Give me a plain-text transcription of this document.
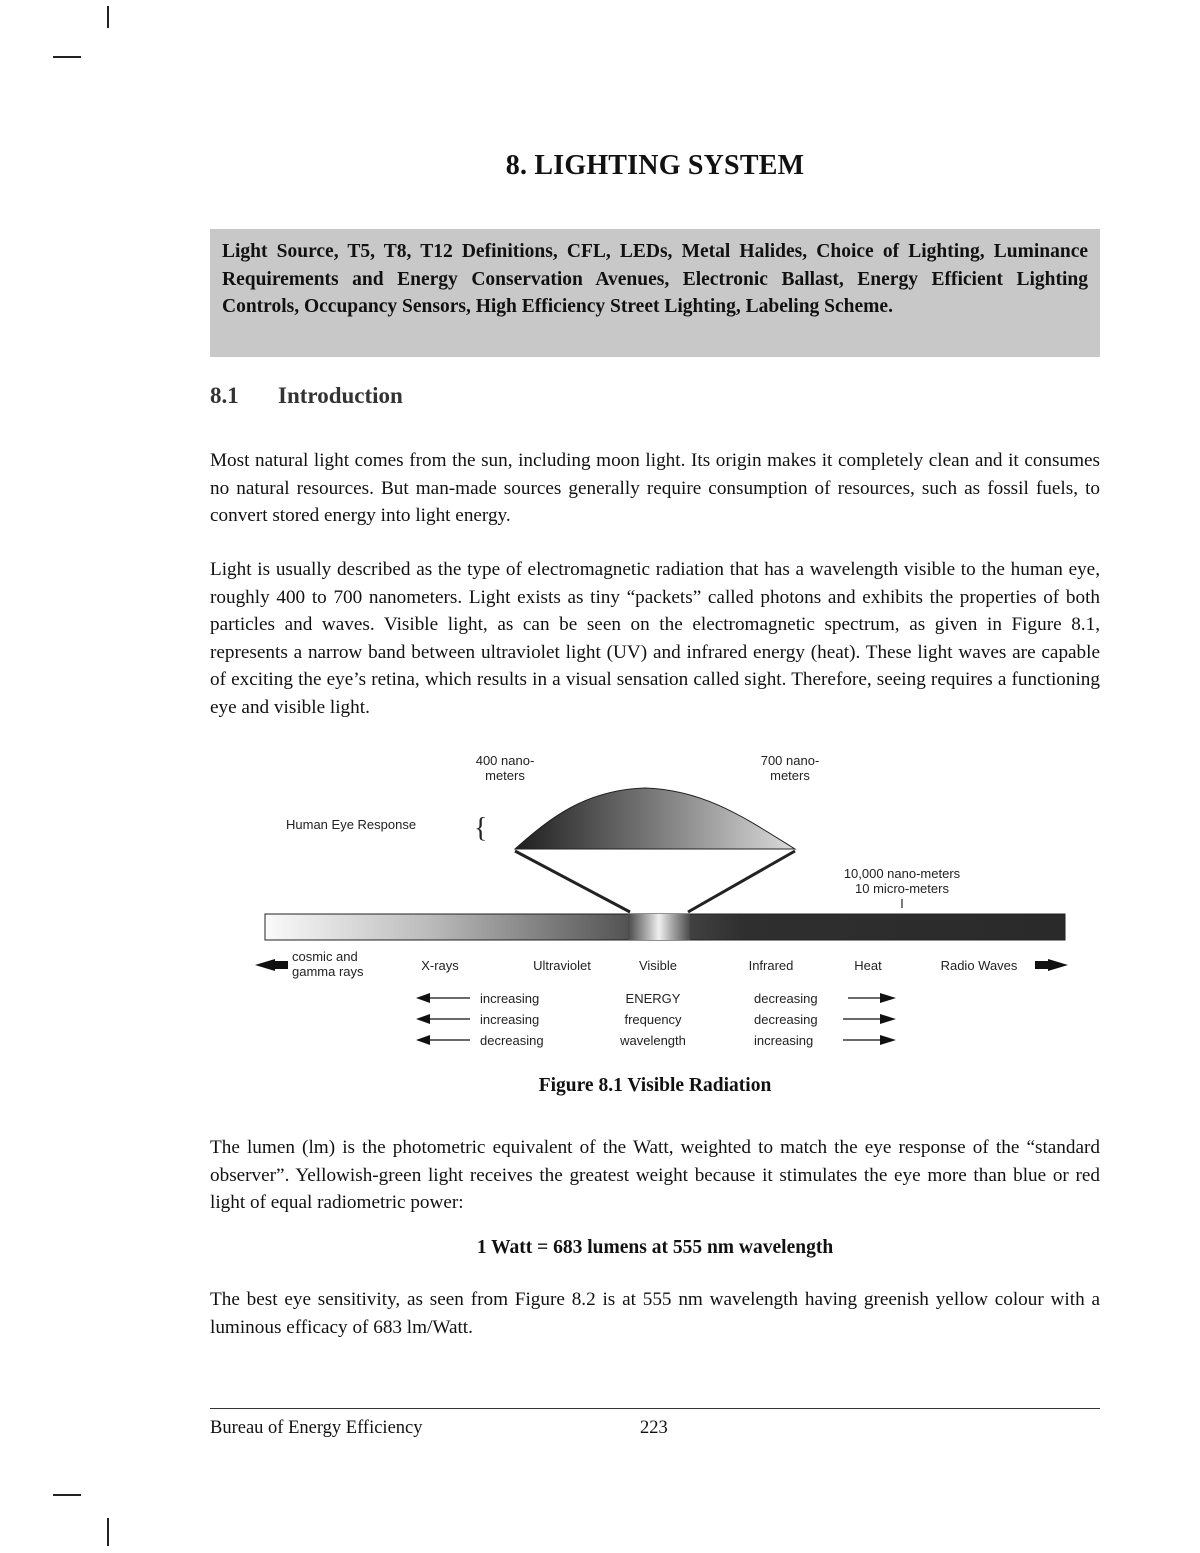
8. LIGHTING SYSTEM
Light Source, T5, T8, T12 Definitions, CFL, LEDs, Metal Halides, Choice of Lighting, Luminance Requirements and Energy Conservation Avenues, Electronic Ballast, Energy Efficient Lighting Controls, Occupancy Sensors, High Efficiency Street Lighting, Labeling Scheme.
8.1 Introduction

Most natural light comes from the sun, including moon light. Its origin makes it completely clean and it consumes no natural resources. But man-made sources generally require consumption of resources, such as fossil fuels, to convert stored energy into light energy.

Light is usually described as the type of electromagnetic radiation that has a wavelength visible to the human eye, roughly 400 to 700 nanometers. Light exists as tiny “packets” called photons and exhibits the properties of both particles and waves. Visible light, as can be seen on the electromagnetic spectrum, as given in Figure 8.1, represents a narrow band between ultraviolet light (UV) and infrared energy (heat). These light waves are capable of exciting the eye’s retina, which results in a visual sensation called sight. Therefore, seeing requires a functioning eye and visible light.

400 nano-
meters
700 nano-
meters
Human Eye Response {
10,000 nano-meters
10 micro-meters
cosmic and
gamma rays	X-rays	Ultraviolet	Visible	Infrared	Heat	Radio Waves
increasing	ENERGY	decreasing
increasing	frequency	decreasing
decreasing	wavelength	increasing
Figure 8.1 Visible Radiation

The lumen (lm) is the photometric equivalent of the Watt, weighted to match the eye response of the “standard observer”. Yellowish-green light receives the greatest weight because it stimulates the eye more than blue or red light of equal radiometric power:

1 Watt = 683 lumens at 555 nm wavelength

The best eye sensitivity, as seen from Figure 8.2 is at 555 nm wavelength having greenish yellow colour with a luminous efficacy of 683 lm/Watt.

Bureau of Energy Efficiency	223
